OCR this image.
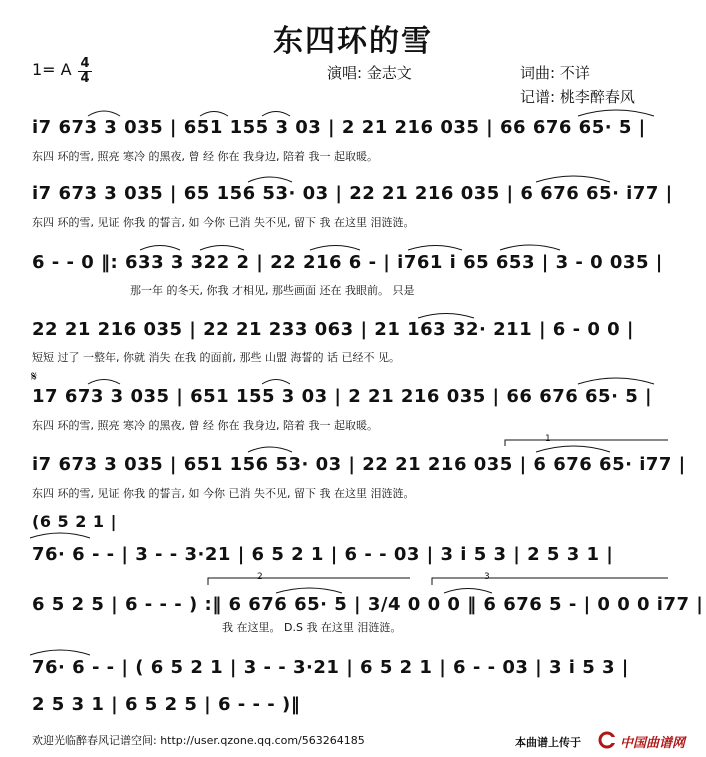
东四环的雪
1= A 4
4	演唱: 金志文	词曲: 不详
记谱: 桃李醉春风
i7 673 3 035 | 651 155 3 03 | 2 21 216 035 | 66 676 65· 5 |
东四 环的雪, 照亮 寒冷 的黑夜, 曾 经 你在 我身边, 陪着 我一 起取暖。
i7 673 3 035 | 65 156 53· 03 | 22 21 216 035 | 6 676 65· i77 |
东四 环的雪, 见证 你我 的誓言, 如 今你 已消 失不见, 留下 我 在这里 泪涟涟。
6 - - 0 ‖: 633 3 322 2 | 22 216 6 - | i761 i 65 653 | 3 - 0 035 |
那一年 的冬天, 你我 才相见, 那些画面 还在 我眼前。 只是
22 21 216 035 | 22 21 233 063 | 21 163 32· 211 | 6 - 0 0 |
短短 过了 一整年, 你就 消失 在我 的面前, 那些 山盟 海誓的 话 已经不 见。
𝄋
17 673 3 035 | 651 155 3 03 | 2 21 216 035 | 66 676 65· 5 |
东四 环的雪, 照亮 寒冷 的黑夜, 曾 经 你在 我身边, 陪着 我一 起取暖。
i7 673 3 035 | 651 156 53· 03 | 22 21 216 035 | 6 676 65· i77 |
东四 环的雪, 见证 你我 的誓言, 如 今你 已消 失不见, 留下 我 在这里 泪涟涟。
(6 5 2 1 |
76· 6 - - | 3 - - 3·21 | 6 5 2 1 | 6 - - 03 | 3 i 5 3 | 2 5 3 1 |
6 5 2 5 | 6 - - - ) :‖ 6 676 65· 5 | 3/4 0 0 0 ‖ 6 676 5 - | 0 0 0 i77 |
我 在这里。 D.S 我 在这里 泪涟涟。
76· 6 - - | ( 6 5 2 1 | 3 - - 3·21 | 6 5 2 1 | 6 - - 03 | 3 i 5 3 |
2 5 3 1 | 6 5 2 5 | 6 - - - )‖
1
2	3
欢迎光临醉春风记谱空间: http://user.qzone.qq.com/563264185	本曲谱上传于	中国曲谱网
